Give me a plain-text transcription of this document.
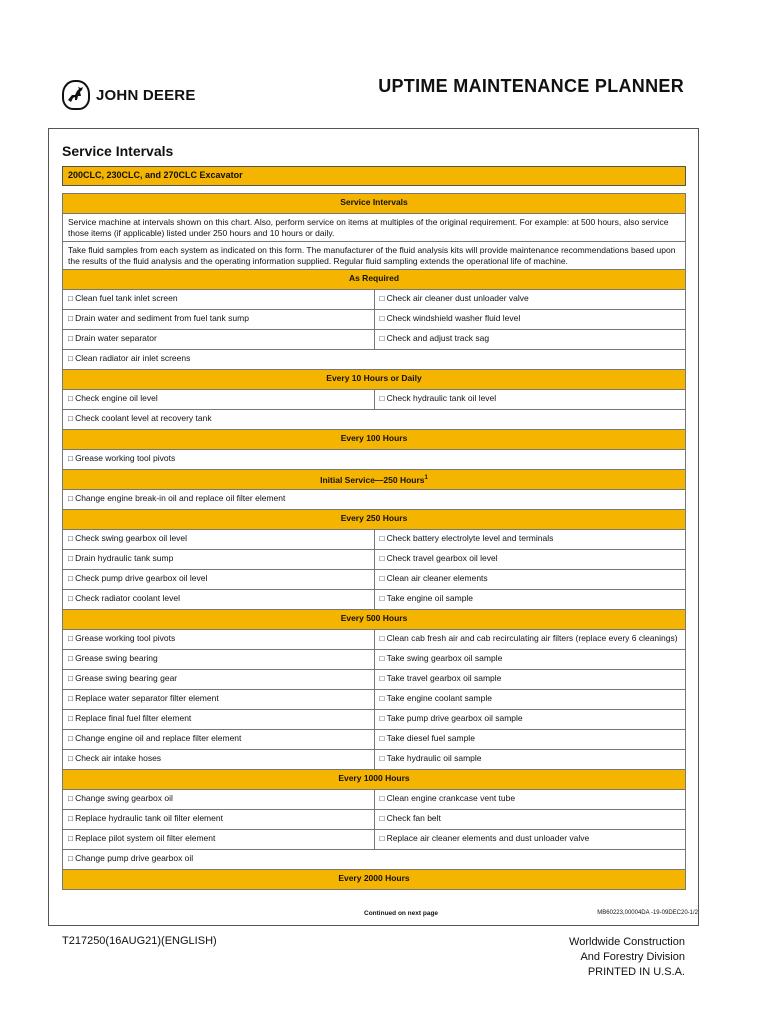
JOHN DEERE	UPTIME MAINTENANCE PLANNER
Service Intervals
200CLC, 230CLC, and 270CLC Excavator
Service Intervals	
Service machine at intervals shown on this chart. Also, perform service on items at multiples of the original requirement. For example: at 500 hours, also service those items (if applicable) listed under 250 hours and 10 hours or daily.	
Take fluid samples from each system as indicated on this form. The manufacturer of the fluid analysis kits will provide maintenance recommendations based upon the results of the fluid analysis and the operating information supplied. Regular fluid sampling extends the operational life of machine.	
As Required	
□ Clean fuel tank inlet screen	□ Check air cleaner dust unloader valve
□ Drain water and sediment from fuel tank sump	□ Check windshield washer fluid level
□ Drain water separator	□ Check and adjust track sag
□ Clean radiator air inlet screens	
Every 10 Hours or Daily	
□ Check engine oil level	□ Check hydraulic tank oil level
□ Check coolant level at recovery tank	
Every 100 Hours	
□ Grease working tool pivots	
Initial Service—250 Hours$^1$
□ Change engine break-in oil and replace oil filter element	
Every 250 Hours	
□ Check swing gearbox oil level	□ Check battery electrolyte level and terminals
□ Drain hydraulic tank sump	□ Check travel gearbox oil level
□ Check pump drive gearbox oil level	□ Clean air cleaner elements
□ Check radiator coolant level	□ Take engine oil sample
Every 500 Hours	
□ Grease working tool pivots	□ Clean cab fresh air and cab recirculating air filters (replace every 6 cleanings)
□ Grease swing bearing	□ Take swing gearbox oil sample
□ Grease swing bearing gear	□ Take travel gearbox oil sample
□ Replace water separator filter element	□ Take engine coolant sample
□ Replace final fuel filter element	□ Take pump drive gearbox oil sample
□ Change engine oil and replace filter element	□ Take diesel fuel sample
□ Check air intake hoses	□ Take hydraulic oil sample
Every 1000 Hours	
□ Change swing gearbox oil	□ Clean engine crankcase vent tube
□ Replace hydraulic tank oil filter element	□ Check fan belt
□ Replace pilot system oil filter element	□ Replace air cleaner elements and dust unloader valve
□ Change pump drive gearbox oil	
Every 2000 Hours	
Continued on next page	MB60223,00004DA -19-09DEC20-1/2
T217250(16AUG21)(ENGLISH)	Worldwide Construction
And Forestry Division
PRINTED IN U.S.A.
